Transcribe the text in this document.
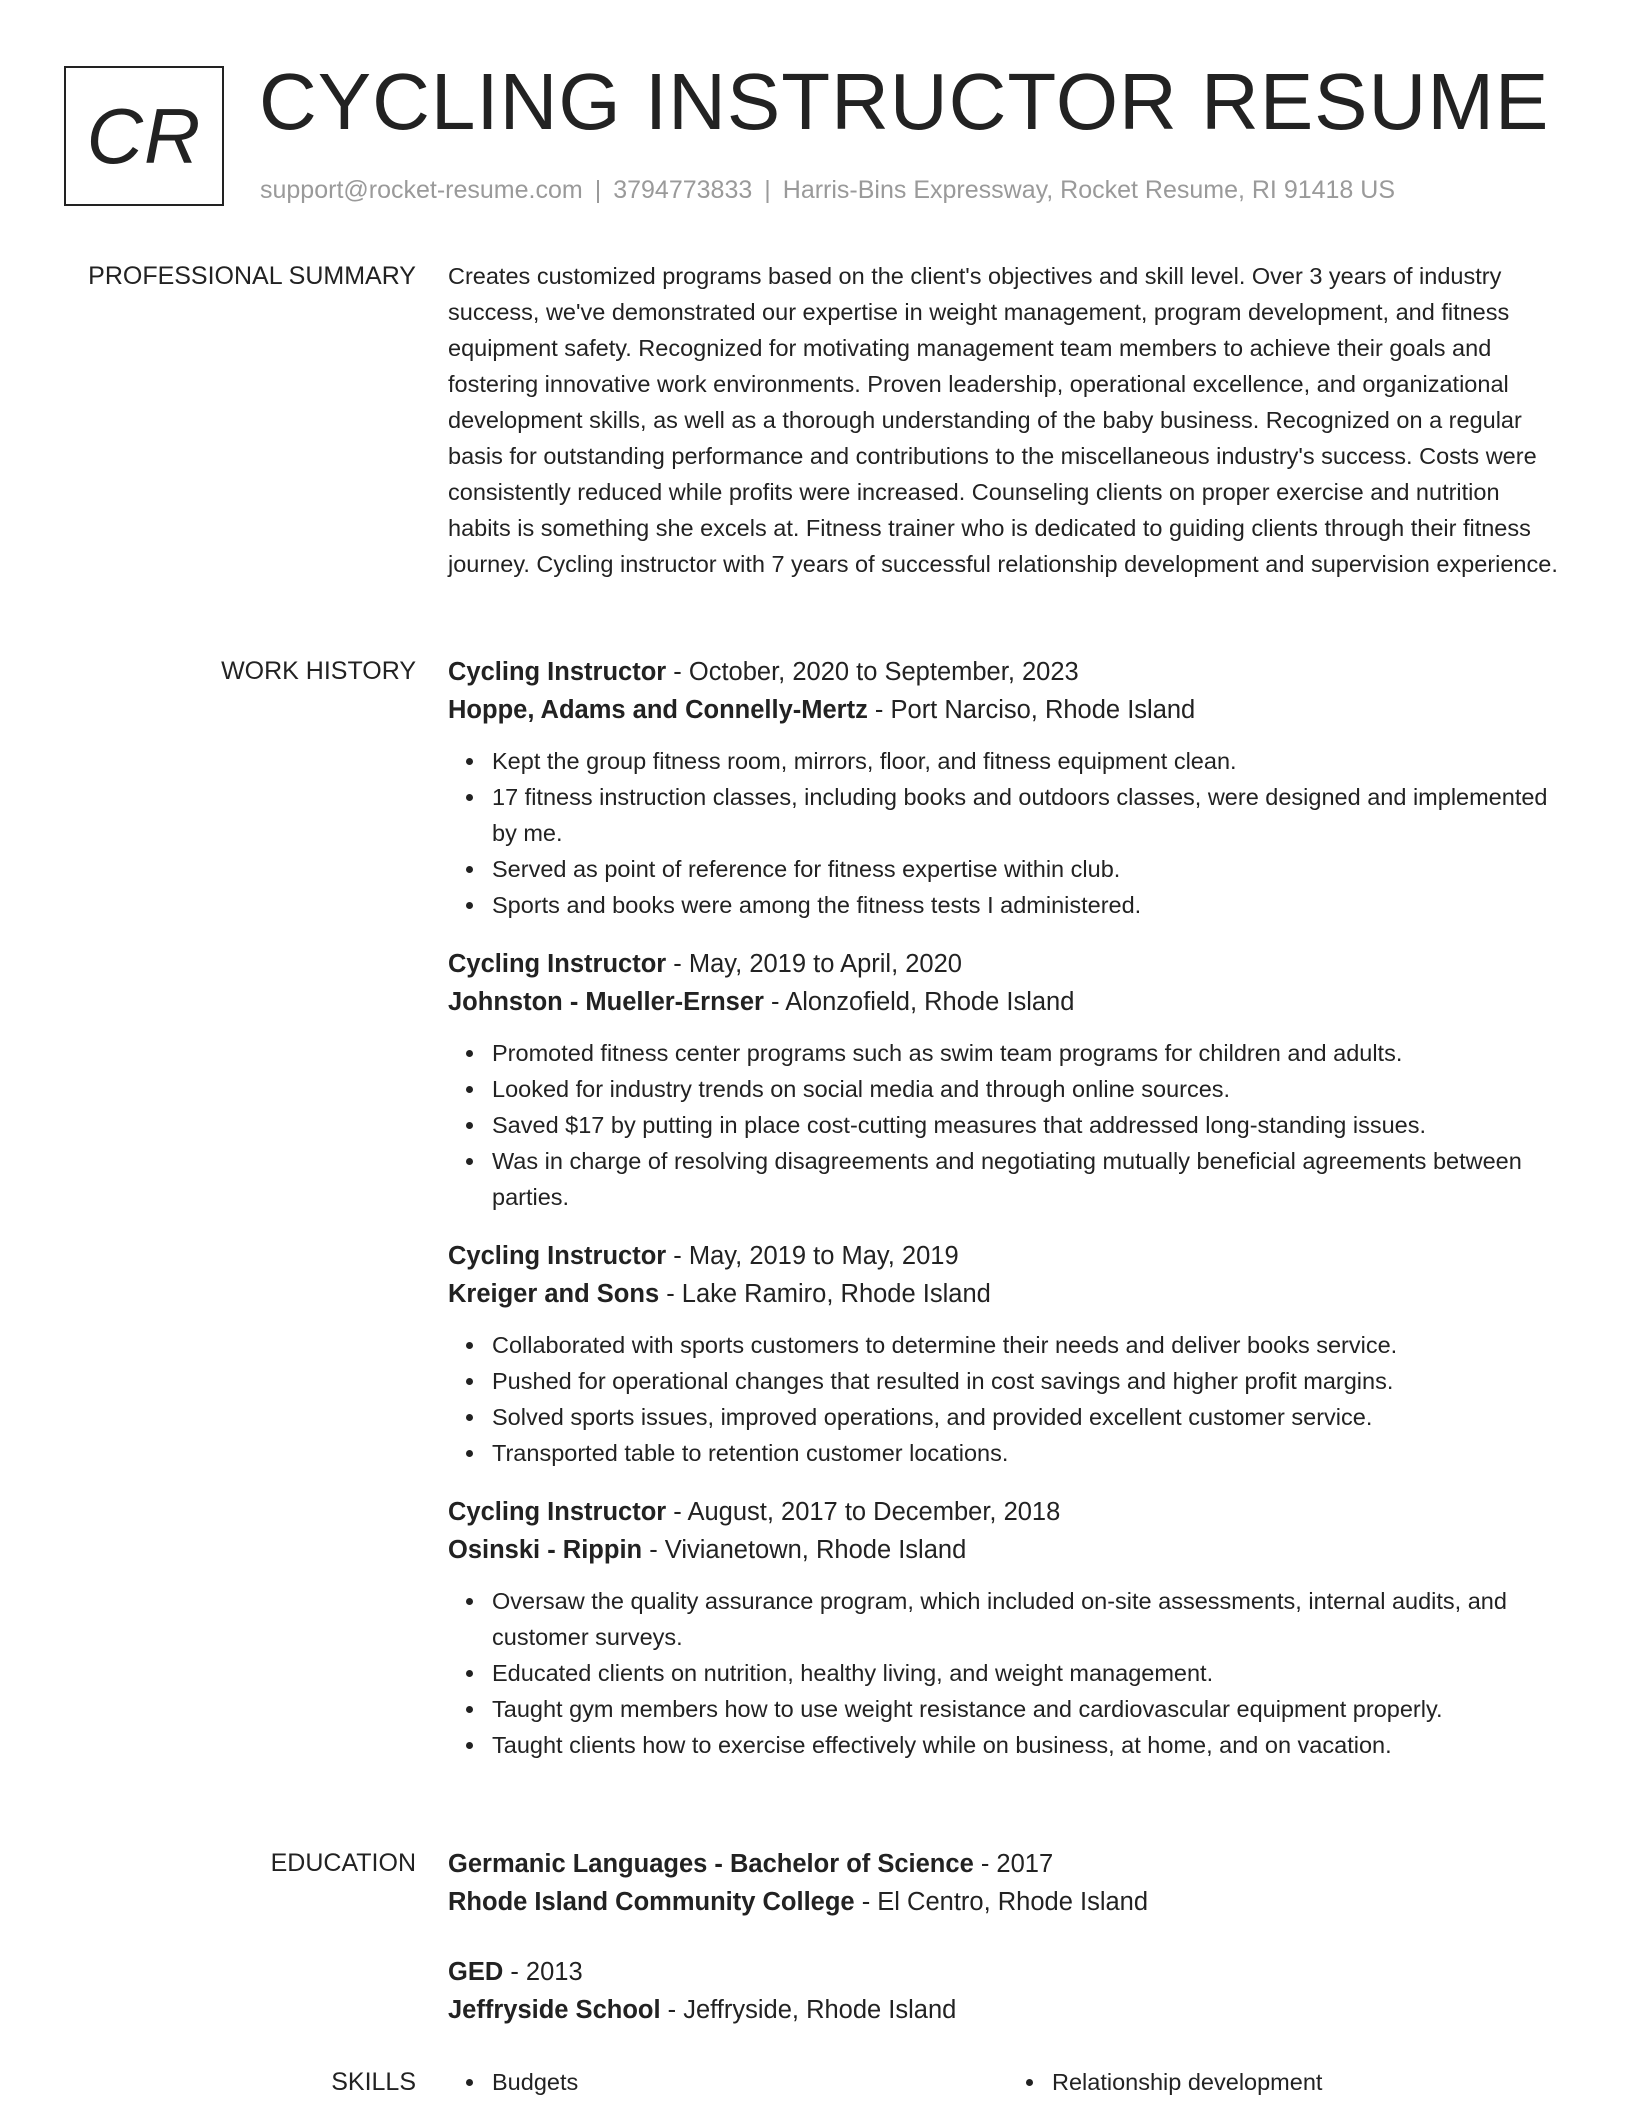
CR CYCLING INSTRUCTOR RESUME
support@rocket-resume.com | 3794773833 | Harris-Bins Expressway, Rocket Resume, RI 91418 US
PROFESSIONAL SUMMARY Creates customized programs based on the client's objectives and skill level. Over 3 years of industry success, we've demonstrated our expertise in weight management, program development, and fitness equipment safety. Recognized for motivating management team members to achieve their goals and fostering innovative work environments. Proven leadership, operational excellence, and organizational development skills, as well as a thorough understanding of the baby business. Recognized on a regular basis for outstanding performance and contributions to the miscellaneous industry's success. Costs were consistently reduced while profits were increased. Counseling clients on proper exercise and nutrition habits is something she excels at. Fitness trainer who is dedicated to guiding clients through their fitness journey. Cycling instructor with 7 years of successful relationship development and supervision experience.

WORK HISTORY Cycling Instructor - October, 2020 to September, 2023
Hoppe, Adams and Connelly-Mertz - Port Narciso, Rhode Island
Kept the group fitness room, mirrors, floor, and fitness equipment clean.
17 fitness instruction classes, including books and outdoors classes, were designed and implemented by me.
Served as point of reference for fitness expertise within club.
Sports and books were among the fitness tests I administered.
Cycling Instructor - May, 2019 to April, 2020
Johnston - Mueller-Ernser - Alonzofield, Rhode Island
Promoted fitness center programs such as swim team programs for children and adults.
Looked for industry trends on social media and through online sources.
Saved $17 by putting in place cost-cutting measures that addressed long-standing issues.
Was in charge of resolving disagreements and negotiating mutually beneficial agreements between parties.
Cycling Instructor - May, 2019 to May, 2019
Kreiger and Sons - Lake Ramiro, Rhode Island
Collaborated with sports customers to determine their needs and deliver books service.
Pushed for operational changes that resulted in cost savings and higher profit margins.
Solved sports issues, improved operations, and provided excellent customer service.
Transported table to retention customer locations.
Cycling Instructor - August, 2017 to December, 2018
Osinski - Rippin - Vivianetown, Rhode Island
Oversaw the quality assurance program, which included on-site assessments, internal audits, and customer surveys.
Educated clients on nutrition, healthy living, and weight management.
Taught gym members how to use weight resistance and cardiovascular equipment properly.
Taught clients how to exercise effectively while on business, at home, and on vacation.
EDUCATION Germanic Languages - Bachelor of Science - 2017
Rhode Island Community College - El Centro, Rhode Island
GED - 2013
Jeffryside School - Jeffryside, Rhode Island
SKILLS	Budgets	Relationship development
